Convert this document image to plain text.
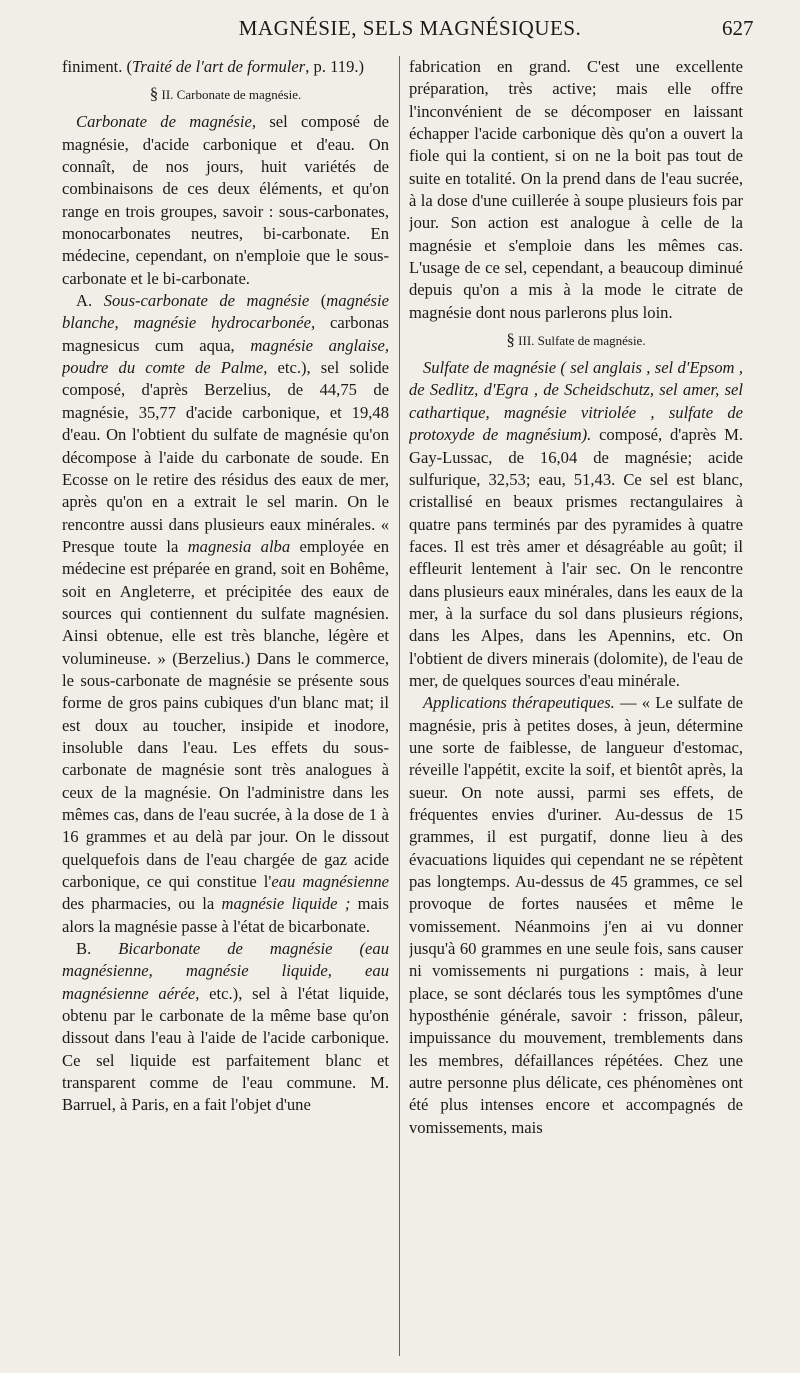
MAGNÉSIE, SELS MAGNÉSIQUES.	627

finiment. (Traité de l'art de formuler, p. 119.)

§ II. Carbonate de magnésie.

Carbonate de magnésie, sel composé de magnésie, d'acide carbonique et d'eau. On connaît, de nos jours, huit variétés de combinaisons de ces deux éléments, et qu'on range en trois groupes, savoir : sous-carbonates, monocarbonates neutres, bi-carbonate. En médecine, cependant, on n'emploie que le sous-carbonate et le bi-carbonate.

A. Sous-carbonate de magnésie (magnésie blanche, magnésie hydrocarbonée, carbonas magnesicus cum aqua, magnésie anglaise, poudre du comte de Palme, etc.), sel solide composé, d'après Berzelius, de 44,75 de magnésie, 35,77 d'acide carbonique, et 19,48 d'eau. On l'obtient du sulfate de magnésie qu'on décompose à l'aide du carbonate de soude. En Ecosse on le retire des résidus des eaux de mer, après qu'on en a extrait le sel marin. On le rencontre aussi dans plusieurs eaux minérales. « Presque toute la magnesia alba employée en médecine est préparée en grand, soit en Bohême, soit en Angleterre, et précipitée des eaux de sources qui contiennent du sulfate magnésien. Ainsi obtenue, elle est très blanche, légère et volumineuse. » (Berzelius.) Dans le commerce, le sous-carbonate de magnésie se présente sous forme de gros pains cubiques d'un blanc mat; il est doux au toucher, insipide et inodore, insoluble dans l'eau. Les effets du sous-carbonate de magnésie sont très analogues à ceux de la magnésie. On l'administre dans les mêmes cas, dans de l'eau sucrée, à la dose de 1 à 16 grammes et au delà par jour. On le dissout quelquefois dans de l'eau chargée de gaz acide carbonique, ce qui constitue l'eau magnésienne des pharmacies, ou la magnésie liquide ; mais alors la magnésie passe à l'état de bicarbonate.

B. Bicarbonate de magnésie (eau magnésienne, magnésie liquide, eau magnésienne aérée, etc.), sel à l'état liquide, obtenu par le carbonate de la même base qu'on dissout dans l'eau à l'aide de l'acide carbonique. Ce sel liquide est parfaitement blanc et transparent comme de l'eau commune. M. Barruel, à Paris, en a fait l'objet d'une

fabrication en grand. C'est une excellente préparation, très active; mais elle offre l'inconvénient de se décomposer en laissant échapper l'acide carbonique dès qu'on a ouvert la fiole qui la contient, si on ne la boit pas tout de suite en totalité. On la prend dans de l'eau sucrée, à la dose d'une cuillerée à soupe plusieurs fois par jour. Son action est analogue à celle de la magnésie et s'emploie dans les mêmes cas. L'usage de ce sel, cependant, a beaucoup diminué depuis qu'on a mis à la mode le citrate de magnésie dont nous parlerons plus loin.

§ III. Sulfate de magnésie.

Sulfate de magnésie ( sel anglais , sel d'Epsom , de Sedlitz, d'Egra , de Scheidschutz, sel amer, sel cathartique, magnésie vitriolée , sulfate de protoxyde de magnésium). composé, d'après M. Gay-Lussac, de 16,04 de magnésie; acide sulfurique, 32,53; eau, 51,43. Ce sel est blanc, cristallisé en beaux prismes rectangulaires à quatre pans terminés par des pyramides à quatre faces. Il est très amer et désagréable au goût; il effleurit lentement à l'air sec. On le rencontre dans plusieurs eaux minérales, dans les eaux de la mer, à la surface du sol dans plusieurs régions, dans les Alpes, dans les Apennins, etc. On l'obtient de divers minerais (dolomite), de l'eau de mer, de quelques sources d'eau minérale.

Applications thérapeutiques. — « Le sulfate de magnésie, pris à petites doses, à jeun, détermine une sorte de faiblesse, de langueur d'estomac, réveille l'appétit, excite la soif, et bientôt après, la sueur. On note aussi, parmi ses effets, de fréquentes envies d'uriner. Au-dessus de 15 grammes, il est purgatif, donne lieu à des évacuations liquides qui cependant ne se répètent pas longtemps. Au-dessus de 45 grammes, ce sel provoque de fortes nausées et même le vomissement. Néanmoins j'en ai vu donner jusqu'à 60 grammes en une seule fois, sans causer ni vomissements ni purgations : mais, à leur place, se sont déclarés tous les symptômes d'une hyposthénie générale, savoir : frisson, pâleur, impuissance du mouvement, tremblements dans les membres, défaillances répétées. Chez une autre personne plus délicate, ces phénomènes ont été plus intenses encore et accompagnés de vomissements, mais
